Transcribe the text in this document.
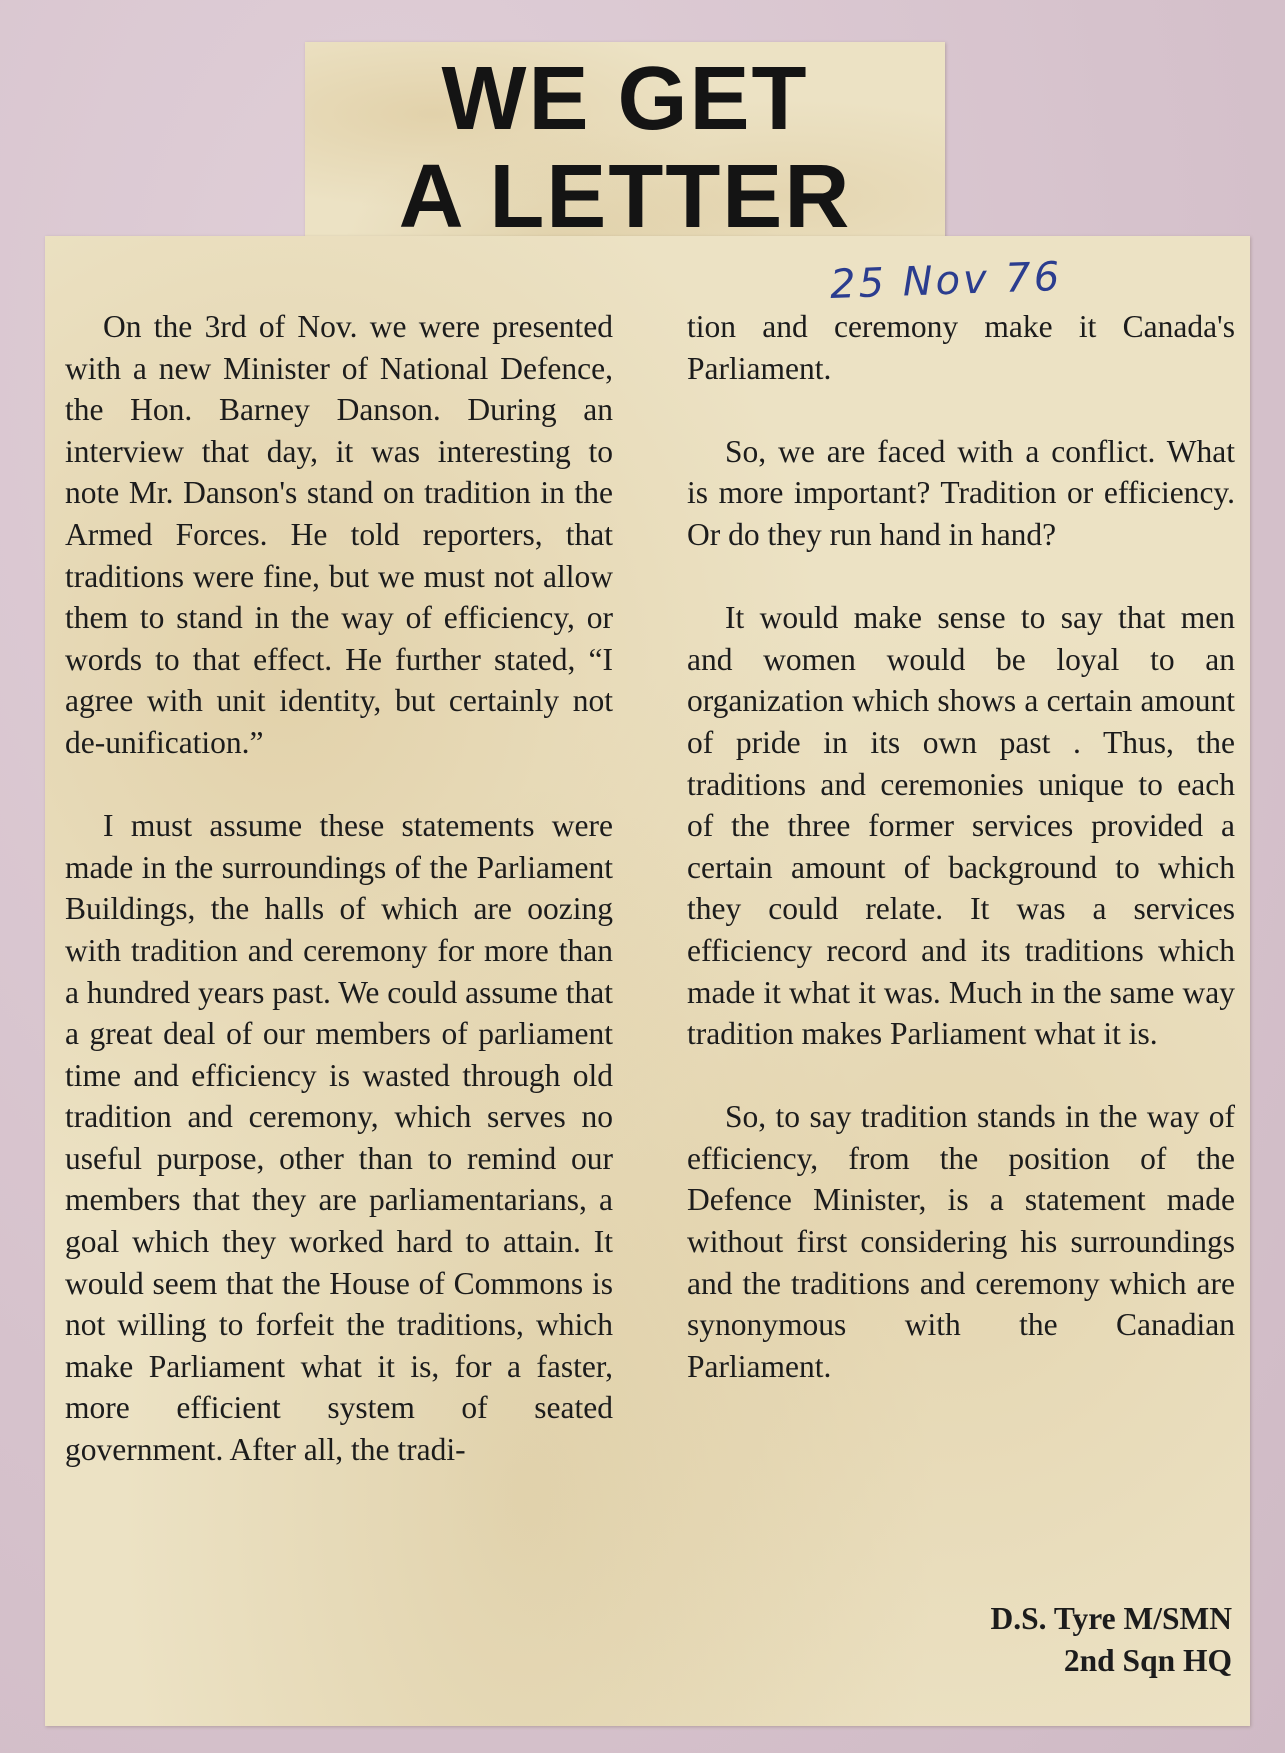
WE GET
A LETTER
25 Nov 76

On the 3rd of Nov. we were presented with a new Minister of National Defence, the Hon. Barney Danson. During an interview that day, it was interesting to note Mr. Danson's stand on tradition in the Armed Forces. He told reporters, that traditions were fine, but we must not allow them to stand in the way of efficiency, or words to that effect. He further stated, “I agree with unit identity, but certainly not de-unification.”

I must assume these statements were made in the surroundings of the Parliament Buildings, the halls of which are oozing with tradition and ceremony for more than a hundred years past. We could assume that a great deal of our members of parliament time and efficiency is wasted through old tradition and ceremony, which serves no useful purpose, other than to remind our members that they are parliamentarians, a goal which they worked hard to attain. It would seem that the House of Commons is not willing to forfeit the traditions, which make Parliament what it is, for a faster, more efficient system of seated government. After all, the tradi-

tion and ceremony make it Canada's Parliament.

So, we are faced with a conflict. What is more important? Tradition or efficiency. Or do they run hand in hand?

It would make sense to say that men and women would be loyal to an organization which shows a certain amount of pride in its own past . Thus, the traditions and ceremonies unique to each of the three former services provided a certain amount of background to which they could relate. It was a services efficiency record and its traditions which made it what it was. Much in the same way tradition makes Parliament what it is.

So, to say tradition stands in the way of efficiency, from the position of the Defence Minister, is a statement made without first considering his surroundings and the traditions and ceremony which are synonymous with the Canadian Parliament.

D.S. Tyre M/SMN
2nd Sqn HQ
